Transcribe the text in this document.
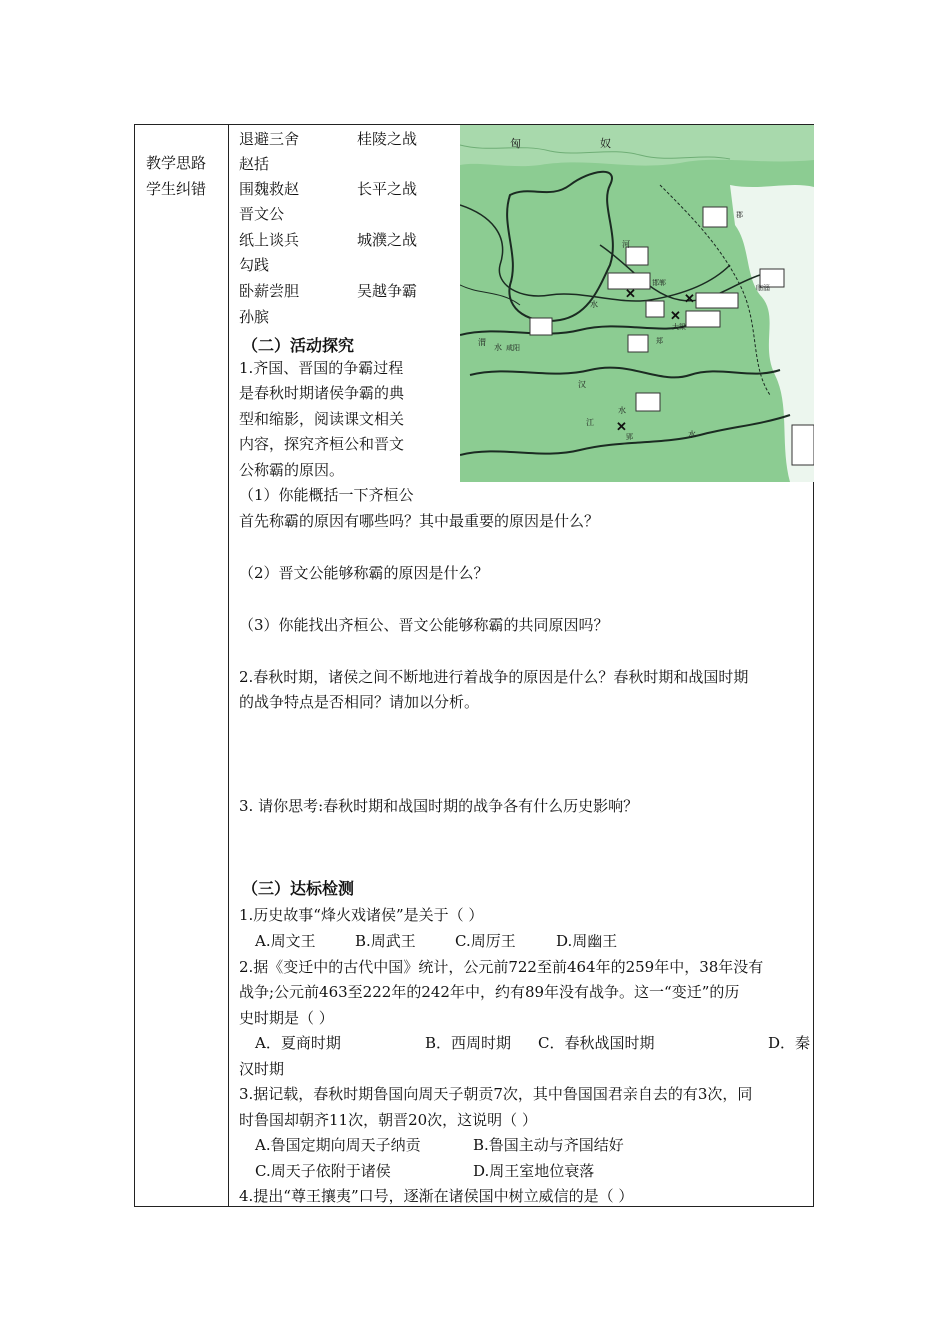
教学思路
学生纠错
退避三舍	桂陵之战
赵括
围魏救赵	长平之战
晋文公
纸上谈兵	城濮之战
勾践
卧薪尝胆	吴越争霸
孙膑
✕	✕
✕
✕
匈	奴
郡
邯郸
临淄
大梁
郑
咸阳
郢
河
水
渭
水
汉
江
水
水
（二）活动探究
1.齐国、晋国的争霸过程
是春秋时期诸侯争霸的典
型和缩影，阅读课文相关
内容，探究齐桓公和晋文
公称霸的原因。
（1）你能概括一下齐桓公
首先称霸的原因有哪些吗？其中最重要的原因是什么？
（2）晋文公能够称霸的原因是什么？
（3）你能找出齐桓公、晋文公能够称霸的共同原因吗？
2.春秋时期，诸侯之间不断地进行着战争的原因是什么？春秋时期和战国时期
的战争特点是否相同？请加以分析。
3. 请你思考:春秋时期和战国时期的战争各有什么历史影响？
（三）达标检测
1.历史故事“烽火戏诸侯”是关于（ ）
A.周文王	B.周武王	C.周厉王	D.周幽王
2.据《变迁中的古代中国》统计，公元前722至前464年的259年中，38年没有
战争;公元前463至222年的242年中，约有89年没有战争。这一“变迁”的历
史时期是（ ）
A．夏商时期	B．西周时期 C．春秋战国时期	D．秦
汉时期
3.据记载，春秋时期鲁国向周天子朝贡7次，其中鲁国国君亲自去的有3次，同
时鲁国却朝齐11次，朝晋20次，这说明（ ）
A.鲁国定期向周天子纳贡	B.鲁国主动与齐国结好
C.周天子依附于诸侯	D.周王室地位衰落
4.提出“尊王攘夷”口号，逐渐在诸侯国中树立威信的是（ ）
